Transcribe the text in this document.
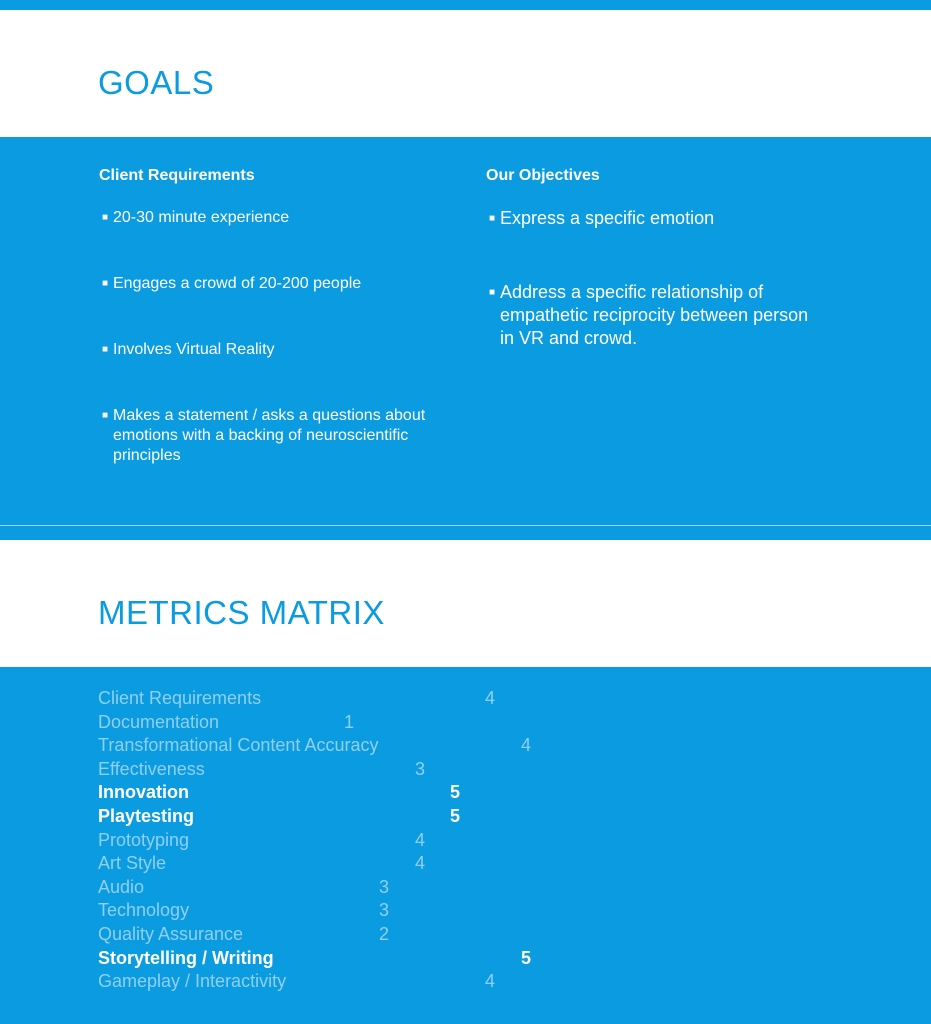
GOALS
Client Requirements
■ 20-30 minute experience
■ Engages a crowd of 20-200 people
■ Involves Virtual Reality
■ Makes a statement / asks a questions about emotions with a backing of neuroscientific principles
Our Objectives
■ Express a specific emotion
■ Address a specific relationship of empathetic reciprocity between person in VR and crowd.
METRICS MATRIX
Client Requirements	4
Documentation	1
Transformational Content Accuracy	4
Effectiveness	3
Innovation	5
Playtesting	5
Prototyping	4
Art Style	4
Audio	3
Technology	3
Quality Assurance	2
Storytelling / Writing	5
Gameplay / Interactivity	4
